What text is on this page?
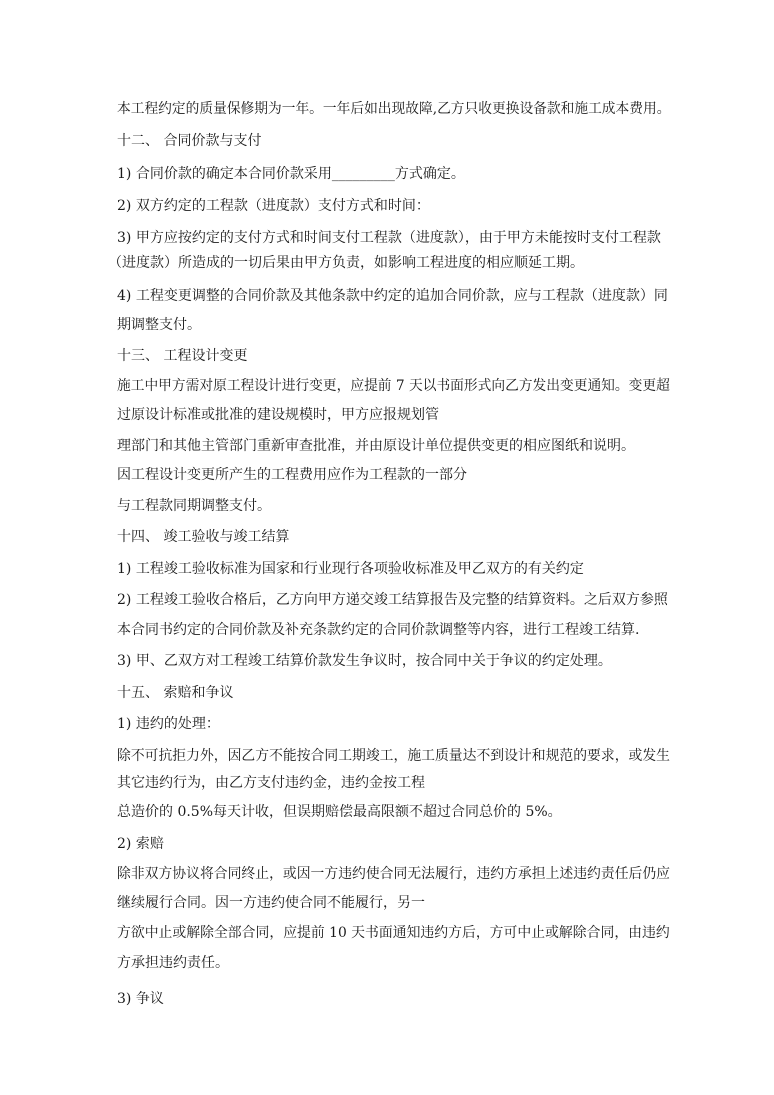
本工程约定的质量保修期为一年。一年后如出现故障,乙方只收更换设备款和施工成本费用。
十二、 合同价款与支付
1) 合同价款的确定本合同价款采用_________方式确定。
2) 双方约定的工程款（进度款）支付方式和时间：
3) 甲方应按约定的支付方式和时间支付工程款（进度款），由于甲方未能按时支付工程款
（进度款）所造成的一切后果由甲方负责，如影响工程进度的相应顺延工期。
4) 工程变更调整的合同价款及其他条款中约定的追加合同价款，应与工程款（进度款）同
期调整支付。
十三、 工程设计变更
施工中甲方需对原工程设计进行变更，应提前 7 天以书面形式向乙方发出变更通知。变更超
过原设计标准或批准的建设规模时，甲方应报规划管
理部门和其他主管部门重新审查批准，并由原设计单位提供变更的相应图纸和说明。
因工程设计变更所产生的工程费用应作为工程款的一部分
与工程款同期调整支付。
十四、 竣工验收与竣工结算
1) 工程竣工验收标准为国家和行业现行各项验收标准及甲乙双方的有关约定
2) 工程竣工验收合格后，乙方向甲方递交竣工结算报告及完整的结算资料。之后双方参照
本合同书约定的合同价款及补充条款约定的合同价款调整等内容，进行工程竣工结算.
3) 甲、乙双方对工程竣工结算价款发生争议时，按合同中关于争议的约定处理。
十五、 索赔和争议
1) 违约的处理：
除不可抗拒力外，因乙方不能按合同工期竣工，施工质量达不到设计和规范的要求，或发生
其它违约行为，由乙方支付违约金，违约金按工程
总造价的 0.5%每天计收，但误期赔偿最高限额不超过合同总价的 5%。
2) 索赔
除非双方协议将合同终止，或因一方违约使合同无法履行，违约方承担上述违约责任后仍应
继续履行合同。因一方违约使合同不能履行，另一
方欲中止或解除全部合同，应提前 10 天书面通知违约方后，方可中止或解除合同，由违约
方承担违约责任。
3) 争议
